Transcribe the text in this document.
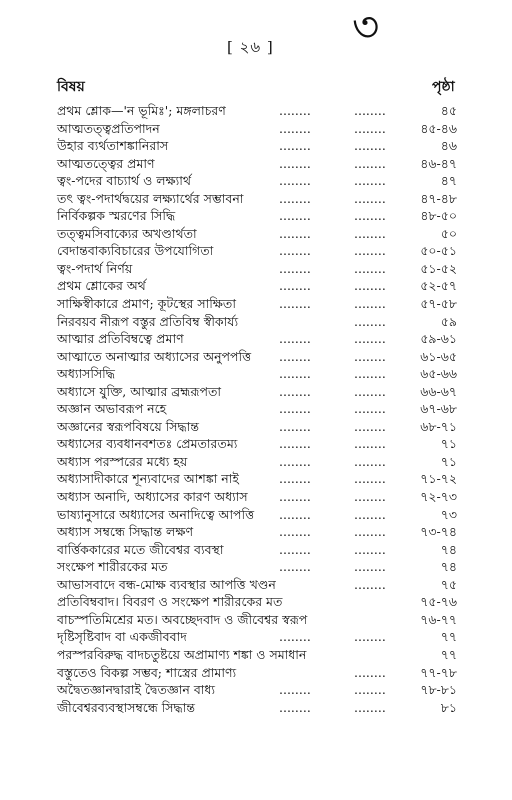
[ ২৬ ] ৩
বিষয়	পৃষ্ঠা
প্রথম শ্লোক—'ন ভূমিঃ'; মঙ্গলাচরণ	........	........	৪৫
আত্মতত্ত্বপ্রতিপাদন	........	........	৪৫-৪৬
উহার ব্যর্থতাশঙ্কানিরাস	........	........	৪৬
আত্মতত্ত্বের প্রমাণ	........	........	৪৬-৪৭
ত্বং-পদের বাচ্যার্থ ও লক্ষ্যার্থ	........	........	৪৭
তৎ ত্বং-পদার্থদ্বয়ের লক্ষ্যার্থের সম্ভাবনা	........	........	৪৭-৪৮
নির্বিকল্পক স্মরণের সিদ্ধি	........	........	৪৮-৫০
তত্ত্বমসিবাক্যের অখণ্ডার্থতা	........	........	৫০
বেদান্তবাক্যবিচারের উপযোগিতা	........	........	৫০-৫১
ত্বং-পদার্থ নির্ণয়	........	........	৫১-৫২
প্রথম শ্লোকের অর্থ	........	........	৫২-৫৭
সাক্ষিস্বীকারে প্রমাণ; কূটস্থের সাক্ষিতা	........	........	৫৭-৫৮
নিরবয়ব নীরূপ বস্তুর প্রতিবিম্ব স্বীকার্য্য	........	৫৯
আত্মার প্রতিবিম্বত্বে প্রমাণ	........	........	৫৯-৬১
আত্মাতে অনাত্মার অধ্যাসের অনুপপত্তি ........	........	৬১-৬৫
অধ্যাসসিদ্ধি	........	........	৬৫-৬৬
অধ্যাসে যুক্তি, আত্মার ব্রহ্মরূপতা	........	........	৬৬-৬৭
অজ্ঞান অভাবরূপ নহে	........	........	৬৭-৬৮
অজ্ঞানের স্বরূপবিষয়ে সিদ্ধান্ত	........	........	৬৮-৭১
অধ্যাসের ব্যবধানবশতঃ প্রেমতারতম্য	........	........	৭১
অধ্যাস পরস্পরের মধ্যে হয়	........	........	৭১
অধ্যাসাদীকারে শূন্যবাদের আশঙ্কা নাই	........	........	৭১-৭২
অধ্যাস অনাদি, অধ্যাসের কারণ অধ্যাস	........	........	৭২-৭৩
ভাষ্যানুসারে অধ্যাসের অনাদিত্বে আপত্তি ........	........	৭৩
অধ্যাস সম্বন্ধে সিদ্ধান্ত লক্ষণ	........	........	৭৩-৭৪
বার্ত্তিককারের মতে জীবেশ্বর ব্যবস্থা	........	........	৭৪
সংক্ষেপ শারীরকের মত	........	........	৭৪
আভাসবাদে বন্ধ-মোক্ষ ব্যবস্থার আপত্তি খণ্ডন	........	৭৫
প্রতিবিম্ববাদ। বিবরণ ও সংক্ষেপ শারীরকের মত	৭৫-৭৬
বাচস্পতিমিশ্রের মত। অবচ্ছেদবাদ ও জীবেশ্বর স্বরূপ	৭৬-৭৭
দৃষ্টিসৃষ্টিবাদ বা একজীববাদ	........	........	৭৭
পরস্পরবিরুদ্ধ বাদচতুষ্টয়ে অপ্রামাণ্য শঙ্কা ও সমাধান	৭৭
বস্তুতেও বিকল্প সম্ভব; শাস্ত্রের প্রামাণ্য	........	৭৭-৭৮
অদ্বৈতজ্ঞানদ্বারাই দ্বৈতজ্ঞান বাধ্য	........	........	৭৮-৮১
জীবেশ্বরব্যবস্থাসম্বন্ধে সিদ্ধান্ত	........	........	৮১
